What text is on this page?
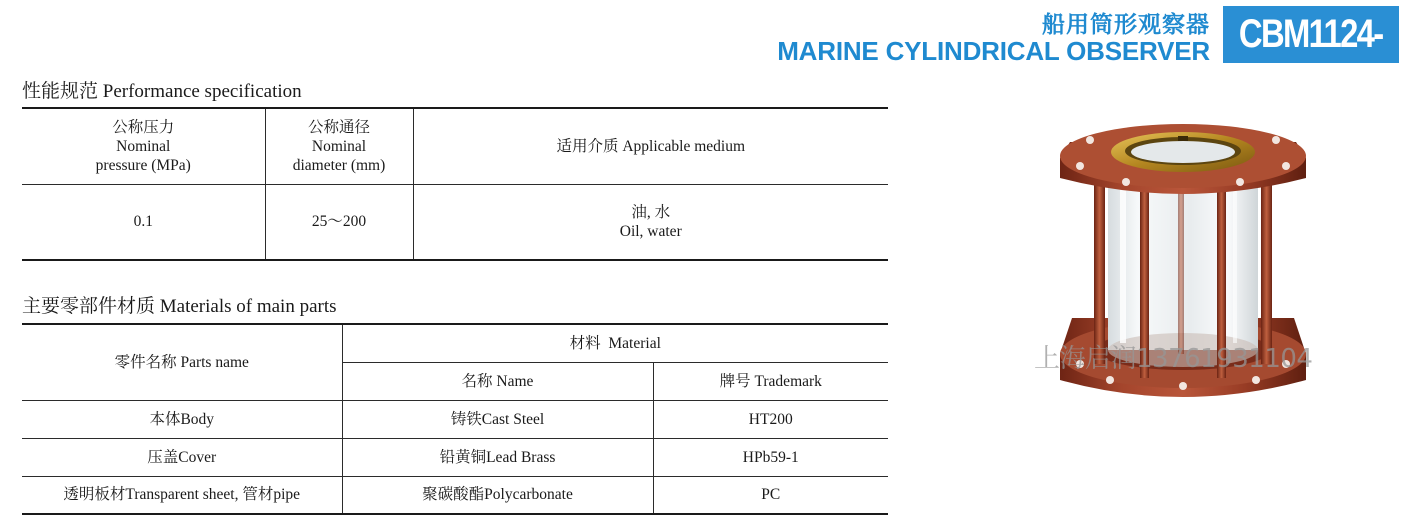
船用筒形观察器
MARINE CYLINDRICAL OBSERVER CBM1124-82
性能规范 Performance specification
公称压力
Nominal
pressure (MPa)	公称通径
Nominal
diameter (mm)	适用介质 Applicable medium
0.1	25～200	油, 水
Oil, water
主要零部件材质 Materials of main parts
零件名称 Parts name	材料  Material	
	名称 Name	牌号 Trademark
本体Body	铸铁Cast Steel	HT200
压盖Cover	铅黄铜Lead Brass	HPb59-1
透明板材Transparent sheet, 管材pipe	聚碳酸酯Polycarbonate	PC
上海启润13761931104
